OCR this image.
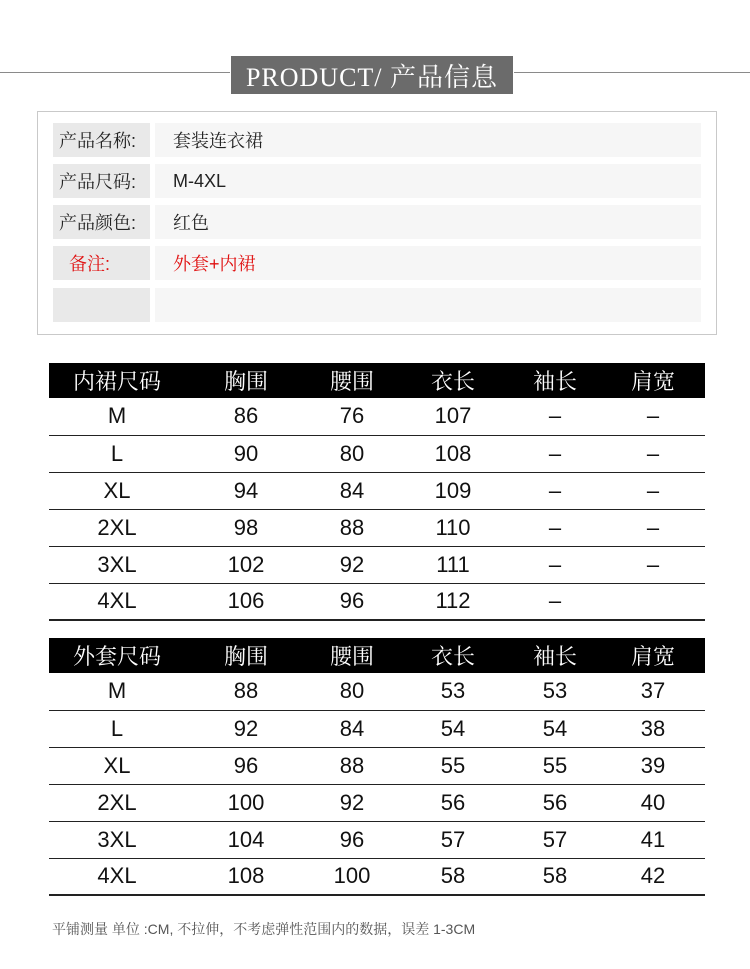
PRODUCT/ 产品信息
产品名称:	套装连衣裙
产品尺码:	M-4XL
产品颜色:	红色
备注:	外套+内裙
内裙尺码	胸围	腰围	衣长	袖长	肩宽
M	86	76	107	–	–
L	90	80	108	–	–
XL	94	84	109	–	–
2XL	98	88	110	–	–
3XL	102	92	111	–	–
4XL	106	96	112	–	
外套尺码	胸围	腰围	衣长	袖长	肩宽
M	88	80	53	53	37
L	92	84	54	54	38
XL	96	88	55	55	39
2XL	100	92	56	56	40
3XL	104	96	57	57	41
4XL	108	100	58	58	42
平铺测量 单位 :CM, 不拉伸，不考虑弹性范围内的数据，误差 1-3CM
